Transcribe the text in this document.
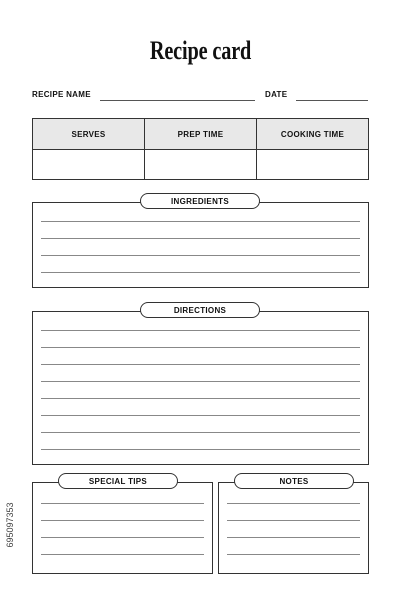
Recipe card
RECIPE NAME	DATE
SERVES	PREP TIME	COOKING TIME
INGREDIENTS
DIRECTIONS
SPECIAL TIPS	NOTES
695097353
